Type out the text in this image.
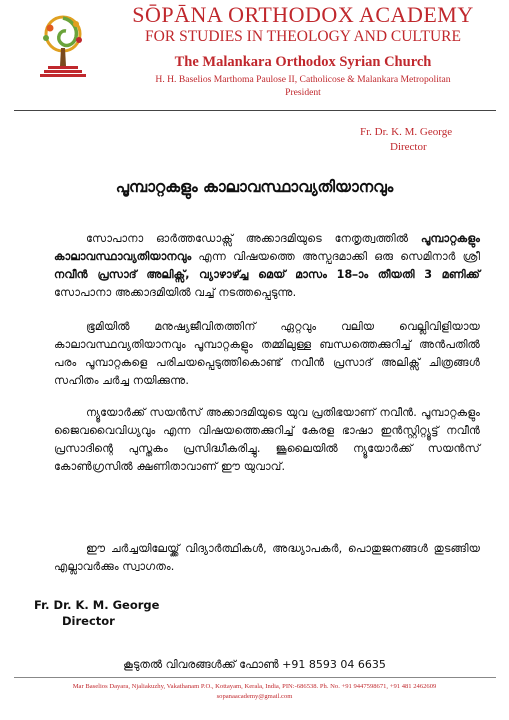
SŌPĀNA ORTHODOX ACADEMY
FOR STUDIES IN THEOLOGY AND CULTURE
The Malankara Orthodox Syrian Church
H. H. Baselios Marthoma Paulose II, Catholicose & Malankara Metropolitan
President
Fr. Dr. K. M. George
Director
പൂമ്പാറ്റകളും കാലാവസ്ഥാവ്യതിയാനവും
സോപാനാ ഓർത്തഡോക്സ് അക്കാദമിയുടെ നേതൃത്വത്തിൽ പൂമ്പാറ്റകളും കാലാവസ്ഥാവ്യതിയാനവും എന്ന വിഷയത്തെ അസ്പദമാക്കി ഒരു സെമിനാർ ശ്രീ നവീൻ പ്രസാദ് അലിക്സ്, വ്യാഴാഴ്ച്ച മെയ് മാസം 18–ാം തീയതി 3 മണിക്ക് സോപാനാ അക്കാദമിയിൽ വച്ച് നടത്തപ്പെടുന്നു.
ഭൂമിയിൽ മനുഷ്യജീവിതത്തിന് ഏറ്റവും വലിയ വെല്ലിവിളിയായ കാലാവസ്ഥവ്യതിയാനവും പൂമ്പാറ്റകളും തമ്മിലുള്ള ബന്ധത്തെക്കുറിച്ച് അൻപതിൽ പരം പൂമ്പാറ്റകളെ പരിചയപ്പെടുത്തികൊണ്ട് നവീൻ പ്രസാദ് അലിക്സ് ചിത്രങ്ങൾ സഹിതം ചർച്ച നയിക്കുന്നു.
ന്യൂയോർക്ക് സയൻസ് അക്കാദമിയുടെ യുവ പ്രതിഭയാണ് നവീൻ. പൂമ്പാറ്റകളും ജൈവവൈവിധ്യവും എന്ന വിഷയത്തെക്കുറിച്ച് കേരള ഭാഷാ ഇൻസ്റ്റിറ്റ്യൂട്ട് നവീൻ പ്രസാദിന്റെ പുസ്തകം പ്രസിദ്ധീകരിച്ചു. ജൂലൈയിൽ ന്യൂയോർക്ക് സയൻസ് കോൺഗ്രസിൽ ക്ഷണിതാവാണ് ഈ യുവാവ്.
ഈ ചർച്ചയിലേയ്ക്ക് വിദ്യാർത്ഥികൾ, അദ്ധ്യാപകർ, പൊതുജനങ്ങൾ തുടങ്ങിയ എല്ലാവർക്കും സ്വാഗതം.
Fr. Dr. K. M. George
Director
കൂടുതൽ വിവരങ്ങൾക്ക് ഫോൺ +91 8593 04 6635
Mar Baselios Dayara, Njaliakuzhy, Vakathanam P.O., Kottayam, Kerala, India, PIN:-686538. Ph. No. +91 9447598671, +91 481 2462609
sopanaacademy@gmail.com
